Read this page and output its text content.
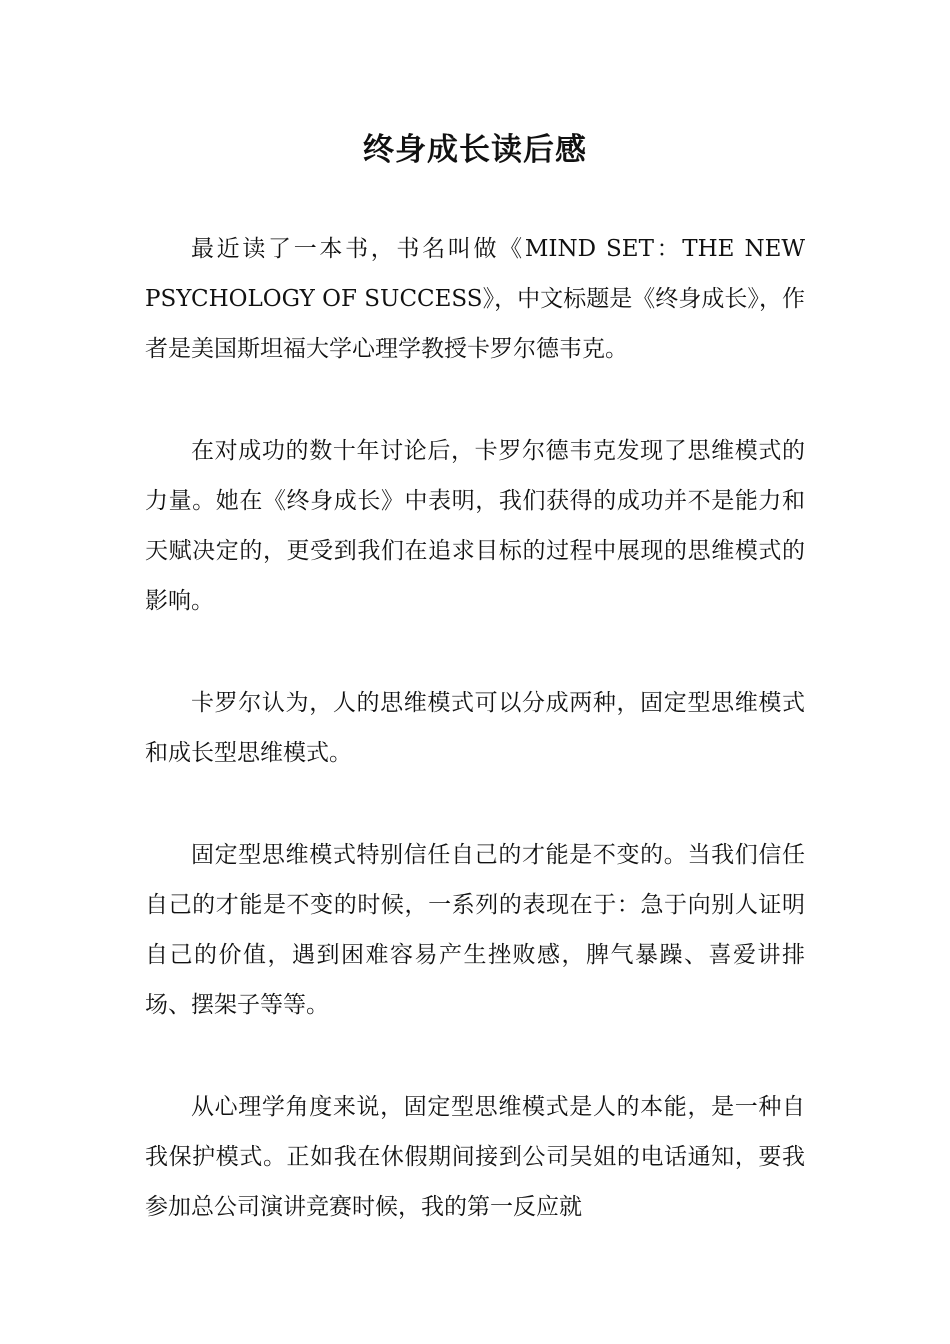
终身成长读后感

最近读了一本书，书名叫做《MIND SET：THE NEW PSYCHOLOGY OF SUCCESS》，中文标题是《终身成长》，作者是美国斯坦福大学心理学教授卡罗尔德韦克。

在对成功的数十年讨论后，卡罗尔德韦克发现了思维模式的力量。她在《终身成长》中表明，我们获得的成功并不是能力和天赋决定的，更受到我们在追求目标的过程中展现的思维模式的影响。

卡罗尔认为，人的思维模式可以分成两种，固定型思维模式和成长型思维模式。

固定型思维模式特别信任自己的才能是不变的。当我们信任自己的才能是不变的时候，一系列的表现在于：急于向别人证明自己的价值，遇到困难容易产生挫败感，脾气暴躁、喜爱讲排场、摆架子等等。

从心理学角度来说，固定型思维模式是人的本能，是一种自我保护模式。正如我在休假期间接到公司吴姐的电话通知，要我参加总公司演讲竞赛时候，我的第一反应就
